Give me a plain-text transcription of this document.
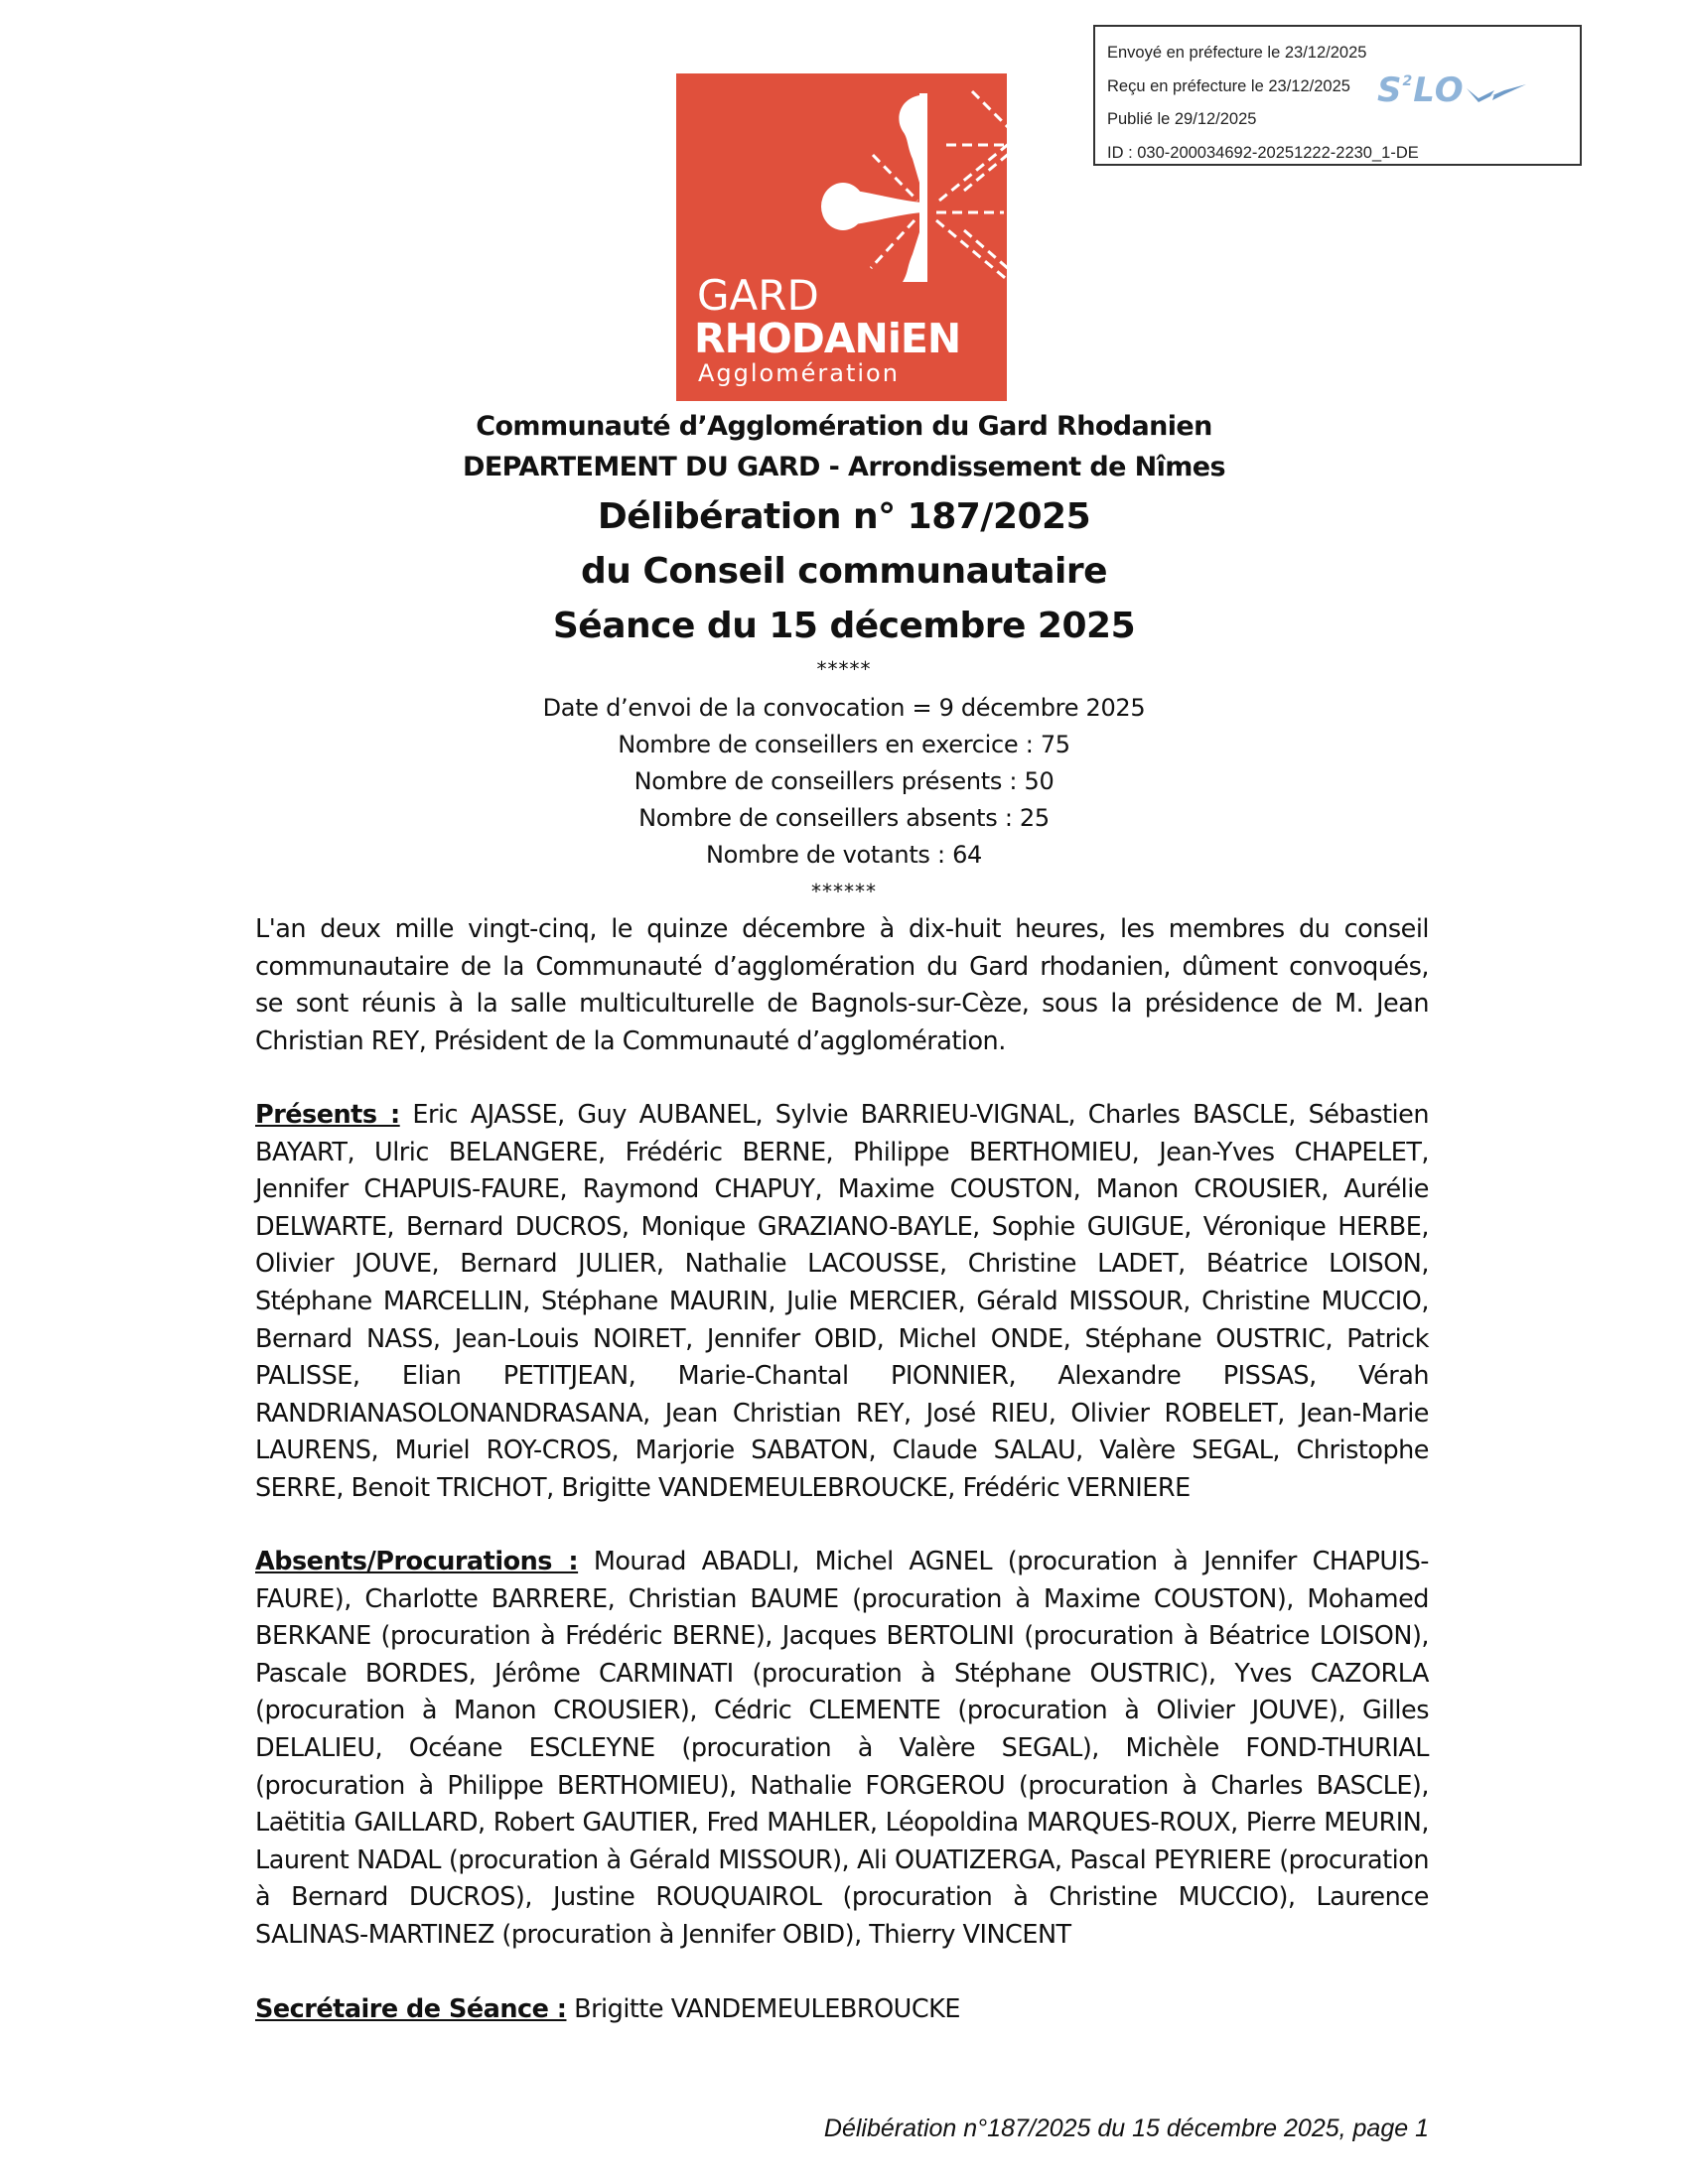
Envoyé en préfecture le 23/12/2025
Reçu en préfecture le 23/12/2025
Publié le 29/12/2025
ID : 030-200034692-20251222-2230_1-DE
$S^2LO$
GARD
RHODANiEN
Agglomération
Communauté d’Agglomération du Gard Rhodanien
DEPARTEMENT DU GARD - Arrondissement de Nîmes
Délibération n° 187/2025
du Conseil communautaire
Séance du 15 décembre 2025
*****
Date d’envoi de la convocation = 9 décembre 2025
Nombre de conseillers en exercice : 75
Nombre de conseillers présents : 50
Nombre de conseillers absents : 25
Nombre de votants : 64
******
L'an deux mille vingt-cinq, le quinze décembre à dix-huit heures, les membres du conseil communautaire de la Communauté d’agglomération du Gard rhodanien, dûment convoqués, se sont réunis à la salle multiculturelle de Bagnols-sur-Cèze, sous la présidence de M. Jean Christian REY, Président de la Communauté d’agglomération.
Présents : Eric AJASSE, Guy AUBANEL, Sylvie BARRIEU-VIGNAL, Charles BASCLE, Sébastien BAYART, Ulric BELANGERE, Frédéric BERNE, Philippe BERTHOMIEU, Jean-Yves CHAPELET, Jennifer CHAPUIS-FAURE, Raymond CHAPUY, Maxime COUSTON, Manon CROUSIER, Aurélie DELWARTE, Bernard DUCROS, Monique GRAZIANO-BAYLE, Sophie GUIGUE, Véronique HERBE, Olivier JOUVE, Bernard JULIER, Nathalie LACOUSSE, Christine LADET, Béatrice LOISON, Stéphane MARCELLIN, Stéphane MAURIN, Julie MERCIER, Gérald MISSOUR, Christine MUCCIO, Bernard NASS, Jean-Louis NOIRET, Jennifer OBID, Michel ONDE, Stéphane OUSTRIC, Patrick PALISSE, Elian PETITJEAN, Marie-Chantal PIONNIER, Alexandre PISSAS, Vérah RANDRIANASOLONANDRASANA, Jean Christian REY, José RIEU, Olivier ROBELET, Jean-Marie LAURENS, Muriel ROY-CROS, Marjorie SABATON, Claude SALAU, Valère SEGAL, Christophe SERRE, Benoit TRICHOT, Brigitte VANDEMEULEBROUCKE, Frédéric VERNIERE
Absents/Procurations : Mourad ABADLI, Michel AGNEL (procuration à Jennifer CHAPUIS-FAURE), Charlotte BARRERE, Christian BAUME (procuration à Maxime COUSTON), Mohamed BERKANE (procuration à Frédéric BERNE), Jacques BERTOLINI (procuration à Béatrice LOISON), Pascale BORDES, Jérôme CARMINATI (procuration à Stéphane OUSTRIC), Yves CAZORLA (procuration à Manon CROUSIER), Cédric CLEMENTE (procuration à Olivier JOUVE), Gilles DELALIEU, Océane ESCLEYNE (procuration à Valère SEGAL), Michèle FOND-THURIAL (procuration à Philippe BERTHOMIEU), Nathalie FORGEROU (procuration à Charles BASCLE), Laëtitia GAILLARD, Robert GAUTIER, Fred MAHLER, Léopoldina MARQUES-ROUX, Pierre MEURIN, Laurent NADAL (procuration à Gérald MISSOUR), Ali OUATIZERGA, Pascal PEYRIERE (procuration à Bernard DUCROS), Justine ROUQUAIROL (procuration à Christine MUCCIO), Laurence SALINAS-MARTINEZ (procuration à Jennifer OBID), Thierry VINCENT
Secrétaire de Séance : Brigitte VANDEMEULEBROUCKE
Délibération n°187/2025 du 15 décembre 2025, page 1
